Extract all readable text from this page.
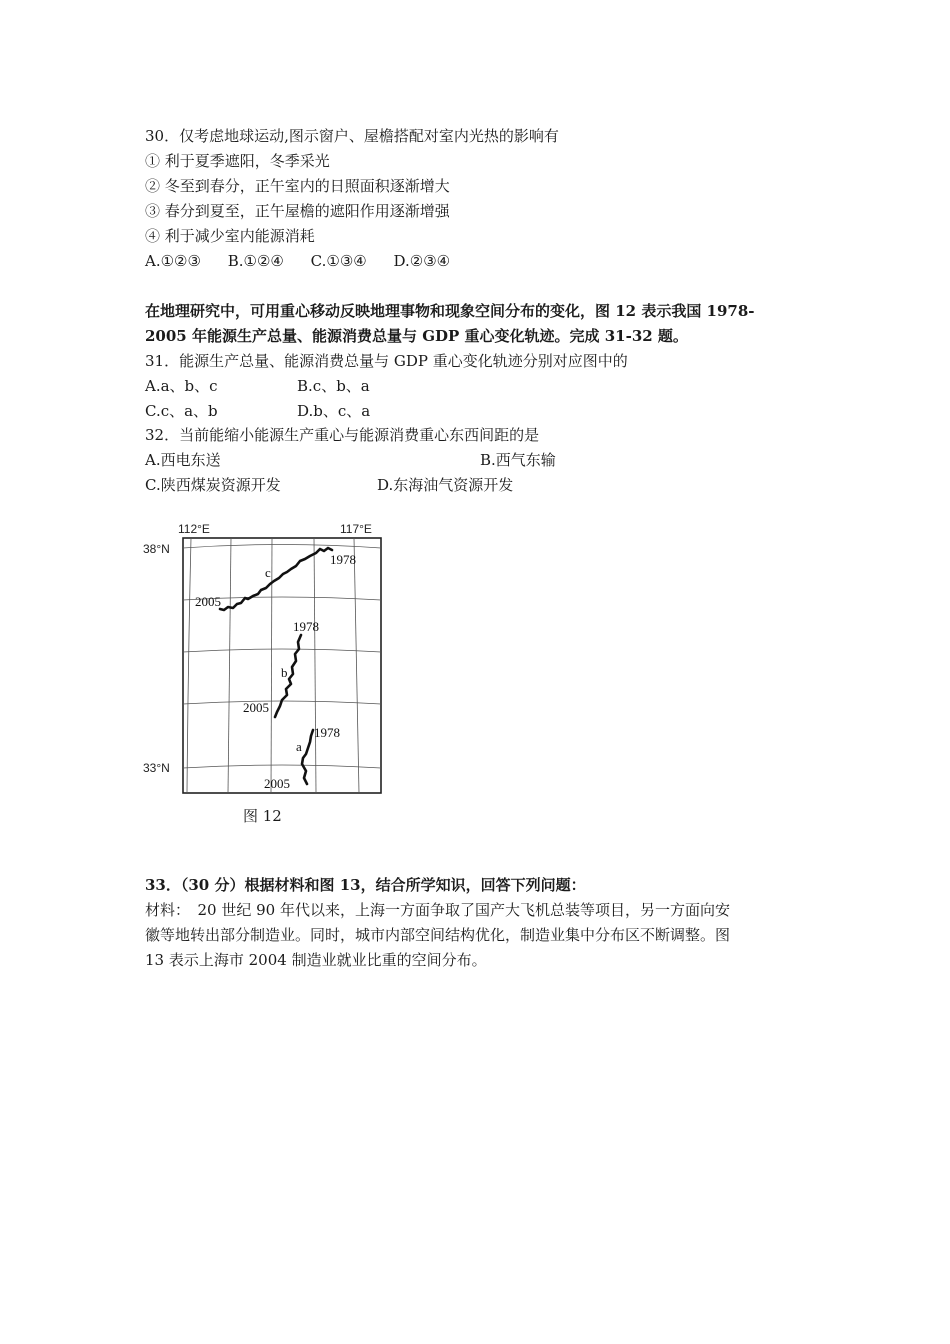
30．仅考虑地球运动,图示窗户、屋檐搭配对室内光热的影响有
① 利于夏季遮阳，冬季采光
② 冬至到春分，正午室内的日照面积逐渐增大
③ 春分到夏至，正午屋檐的遮阳作用逐渐增强
④ 利于减少室内能源消耗
A.①②③ B.①②④ C.①③④ D.②③④
在地理研究中，可用重心移动反映地理事物和现象空间分布的变化，图 12 表示我国 1978-
2005 年能源生产总量、能源消费总量与 GDP 重心变化轨迹。完成 31-32 题。
31．能源生产总量、能源消费总量与 GDP 重心变化轨迹分别对应图中的
A.a、b、c	B.c、b、a
C.c、a、b	D.b、c、a
32．当前能缩小能源生产重心与能源消费重心东西间距的是
A.西电东送	B.西气东输
C.陕西煤炭资源开发	D.东海油气资源开发
112°E	117°E
38°N
33°N
1978
c
2005
1978
b
2005
1978
a
2005
图 12
33．（30 分）根据材料和图 13，结合所学知识，回答下列问题：
材料：　20 世纪 90 年代以来，上海一方面争取了国产大飞机总装等项目，另一方面向安
徽等地转出部分制造业。同时，城市内部空间结构优化，制造业集中分布区不断调整。图
13 表示上海市 2004 制造业就业比重的空间分布。
